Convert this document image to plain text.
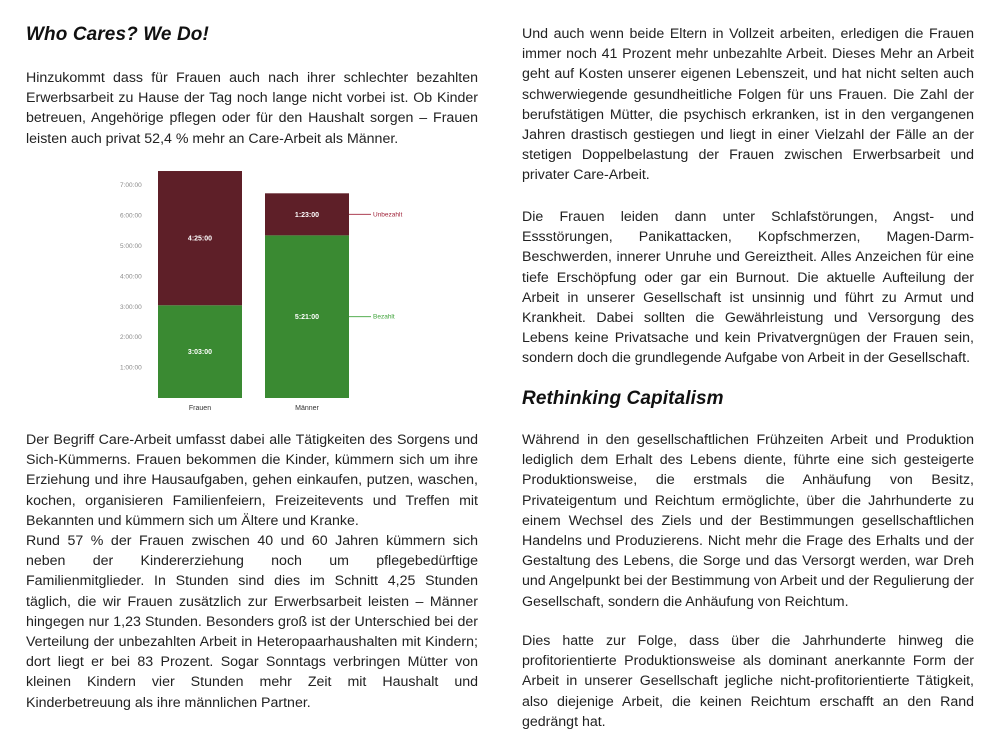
Who Cares? We Do!

Hinzukommt dass für Frauen auch nach ihrer schlechter bezahlten Erwerbsarbeit zu Hause der Tag noch lange nicht vorbei ist. Ob Kinder betreuen, Angehörige pflegen oder für den Haushalt sorgen – Frauen leisten auch privat 52,4 % mehr an Care-Arbeit als Männer.

Der Begriff Care-Arbeit umfasst dabei alle Tätigkeiten des Sorgens und Sich-Kümmerns. Frauen bekommen die Kinder, kümmern sich um ihre Erziehung und ihre Hausaufgaben, gehen einkaufen, putzen, waschen, kochen, organisieren Familienfeiern, Freizeitevents und Treffen mit Bekannten und kümmern sich um Ältere und Kranke.

Rund 57 % der Frauen zwischen 40 und 60 Jahren kümmern sich neben der Kindererziehung noch um pflegebedürftige Familienmitglieder. In Stunden sind dies im Schnitt 4,25 Stunden täglich, die wir Frauen zusätzlich zur Erwerbsarbeit leisten – Männer hingegen nur 1,23 Stunden. Besonders groß ist der Unterschied bei der Verteilung der unbezahlten Arbeit in Heteropaarhaushalten mit Kindern; dort liegt er bei 83 Prozent. Sogar Sonntags verbringen Mütter von kleinen Kindern vier Stunden mehr Zeit mit Haushalt und Kinderbetreuung als ihre männlichen Partner.

1:00:00
2:00:00
3:00:00
4:00:00
5:00:00
6:00:00
7:00:00
3:03:00
4:25:00
5:21:00
1:23:00
Frauen	Männer
Bezahlt
Unbezahlt

Und auch wenn beide Eltern in Vollzeit arbeiten, erledigen die Frauen immer noch 41 Prozent mehr unbezahlte Arbeit. Dieses Mehr an Arbeit geht auf Kosten unserer eigenen Lebenszeit, und hat nicht selten auch schwerwiegende gesundheitliche Folgen für uns Frauen. Die Zahl der berufstätigen Mütter, die psychisch erkranken, ist in den vergangenen Jahren drastisch gestiegen und liegt in einer Vielzahl der Fälle an der stetigen Doppelbelastung der Frauen zwischen Erwerbsarbeit und privater Care-Arbeit.

Die Frauen leiden dann unter Schlafstörungen, Angst- und Essstörungen, Panikattacken, Kopfschmerzen, Magen-Darm-Beschwerden, innerer Unruhe und Gereiztheit. Alles Anzeichen für eine tiefe Erschöpfung oder gar ein Burnout. Die aktuelle Aufteilung der Arbeit in unserer Gesellschaft ist unsinnig und führt zu Armut und Krankheit. Dabei sollten die Gewährleistung und Versorgung des Lebens keine Privatsache und kein Privatvergnügen der Frauen sein, sondern doch die grundlegende Aufgabe von Arbeit in der Gesellschaft.

Rethinking Capitalism

Während in den gesellschaftlichen Frühzeiten Arbeit und Produktion lediglich dem Erhalt des Lebens diente, führte eine sich gesteigerte Produktionsweise, die erstmals die Anhäufung von Besitz, Privateigentum und Reichtum ermöglichte, über die Jahrhunderte zu einem Wechsel des Ziels und der Bestimmungen gesellschaftlichen Handelns und Produzierens. Nicht mehr die Frage des Erhalts und der Gestaltung des Lebens, die Sorge und das Versorgt werden, war Dreh und Angelpunkt bei der Bestimmung von Arbeit und der Regulierung der Gesellschaft, sondern die Anhäufung von Reichtum.

Dies hatte zur Folge, dass über die Jahrhunderte hinweg die profitorientierte Produktionsweise als dominant anerkannte Form der Arbeit in unserer Gesellschaft jegliche nicht-profitorientierte Tätigkeit, also diejenige Arbeit, die keinen Reichtum erschafft an den Rand gedrängt hat.
